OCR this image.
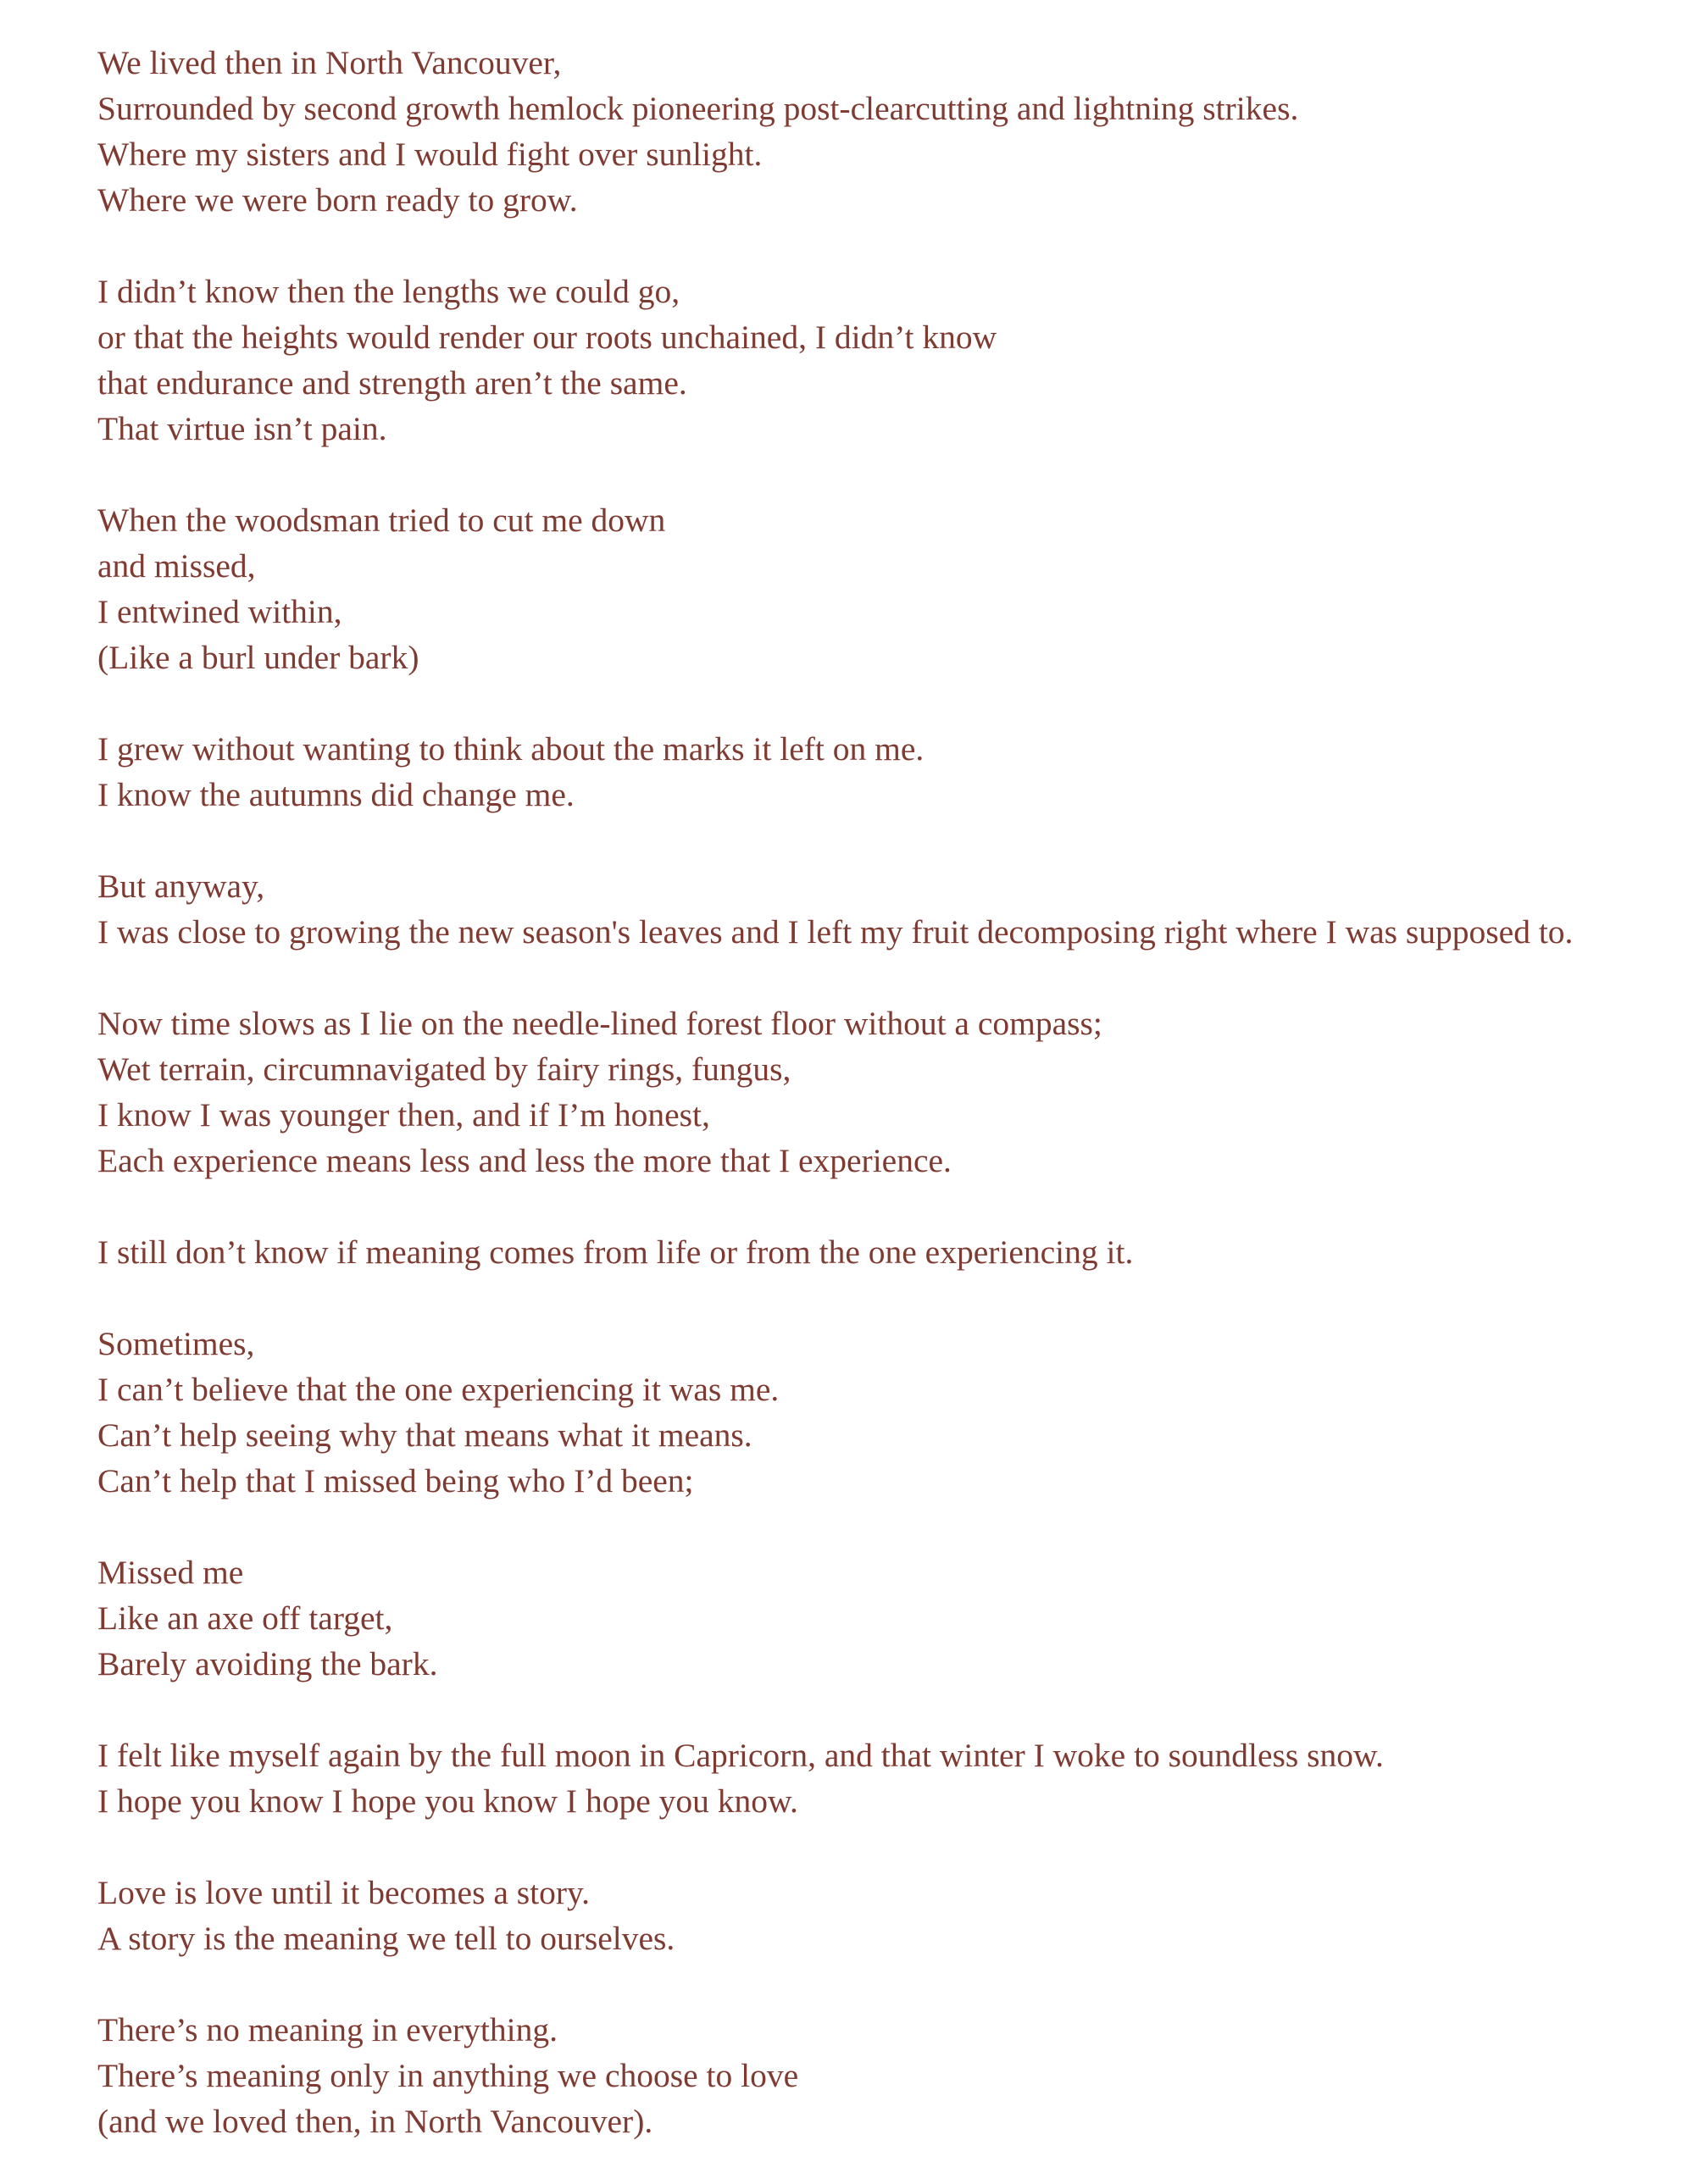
We lived then in North Vancouver,
Surrounded by second growth hemlock pioneering post-clearcutting and lightning strikes.
Where my sisters and I would fight over sunlight.
Where we were born ready to grow.
I didn’t know then the lengths we could go,
or that the heights would render our roots unchained, I didn’t know
that endurance and strength aren’t the same.
That virtue isn’t pain.
When the woodsman tried to cut me down
and missed,
I entwined within,
(Like a burl under bark)
I grew without wanting to think about the marks it left on me.
I know the autumns did change me.
But anyway,
I was close to growing the new season's leaves and I left my fruit decomposing right where I was supposed to.
Now time slows as I lie on the needle-lined forest floor without a compass;
Wet terrain, circumnavigated by fairy rings, fungus,
I know I was younger then, and if I’m honest,
Each experience means less and less the more that I experience.
I still don’t know if meaning comes from life or from the one experiencing it.
Sometimes,
I can’t believe that the one experiencing it was me.
Can’t help seeing why that means what it means.
Can’t help that I missed being who I’d been;
Missed me
Like an axe off target,
Barely avoiding the bark.
I felt like myself again by the full moon in Capricorn, and that winter I woke to soundless snow.
I hope you know I hope you know I hope you know.
Love is love until it becomes a story.
A story is the meaning we tell to ourselves.
There’s no meaning in everything.
There’s meaning only in anything we choose to love
(and we loved then, in North Vancouver).
